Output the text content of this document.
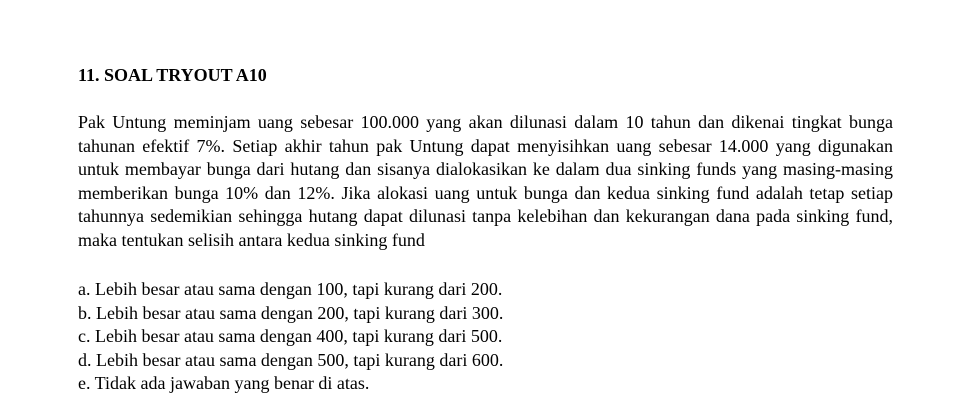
11. SOAL TRYOUT A10

Pak Untung meminjam uang sebesar 100.000 yang akan dilunasi dalam 10 tahun dan dikenai tingkat bunga tahunan efektif 7%. Setiap akhir tahun pak Untung dapat menyisihkan uang sebesar 14.000 yang digunakan untuk membayar bunga dari hutang dan sisanya dialokasikan ke dalam dua sinking funds yang masing-masing memberikan bunga 10% dan 12%. Jika alokasi uang untuk bunga dan kedua sinking fund adalah tetap setiap tahunnya sedemikian sehingga hutang dapat dilunasi tanpa kelebihan dan kekurangan dana pada sinking fund, maka tentukan selisih antara kedua sinking fund

a. Lebih besar atau sama dengan 100, tapi kurang dari 200.
b. Lebih besar atau sama dengan 200, tapi kurang dari 300.
c. Lebih besar atau sama dengan 400, tapi kurang dari 500.
d. Lebih besar atau sama dengan 500, tapi kurang dari 600.
e. Tidak ada jawaban yang benar di atas.
